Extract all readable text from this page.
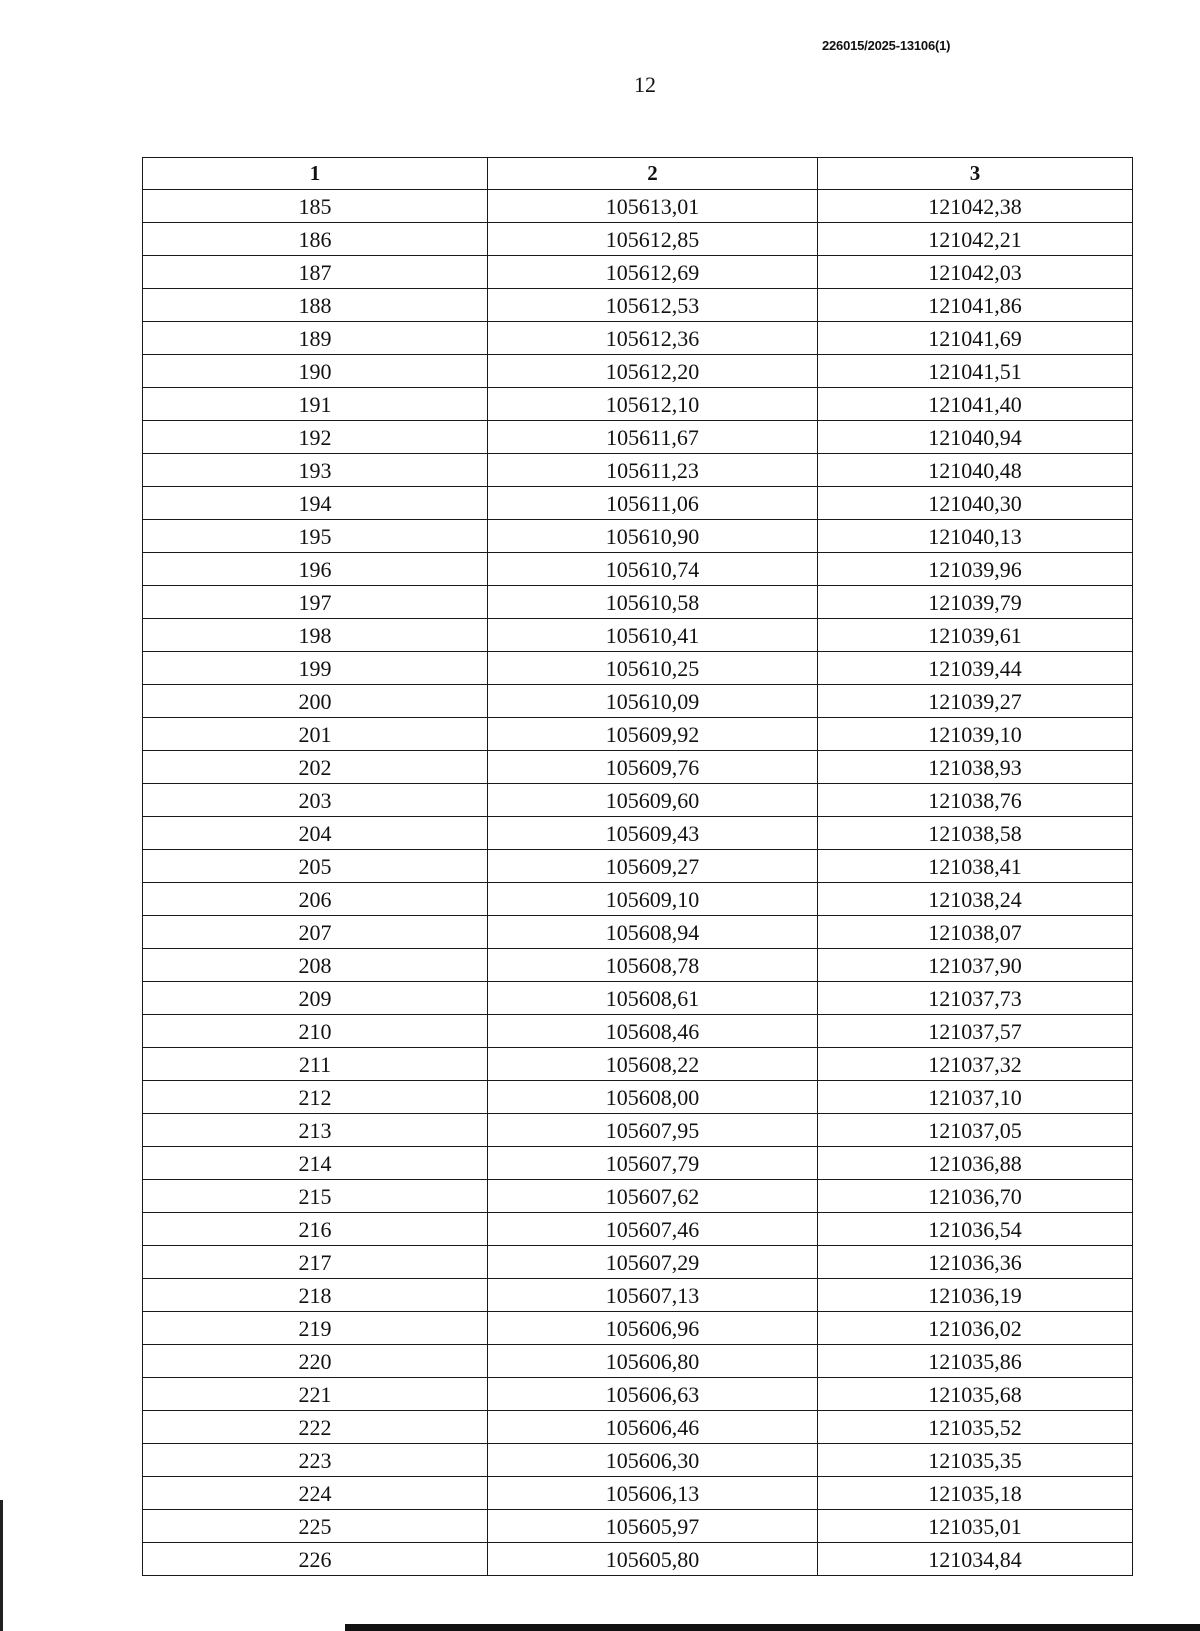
226015/2025-13106(1)
12
1	2	3
185	105613,01	121042,38
186	105612,85	121042,21
187	105612,69	121042,03
188	105612,53	121041,86
189	105612,36	121041,69
190	105612,20	121041,51
191	105612,10	121041,40
192	105611,67	121040,94
193	105611,23	121040,48
194	105611,06	121040,30
195	105610,90	121040,13
196	105610,74	121039,96
197	105610,58	121039,79
198	105610,41	121039,61
199	105610,25	121039,44
200	105610,09	121039,27
201	105609,92	121039,10
202	105609,76	121038,93
203	105609,60	121038,76
204	105609,43	121038,58
205	105609,27	121038,41
206	105609,10	121038,24
207	105608,94	121038,07
208	105608,78	121037,90
209	105608,61	121037,73
210	105608,46	121037,57
211	105608,22	121037,32
212	105608,00	121037,10
213	105607,95	121037,05
214	105607,79	121036,88
215	105607,62	121036,70
216	105607,46	121036,54
217	105607,29	121036,36
218	105607,13	121036,19
219	105606,96	121036,02
220	105606,80	121035,86
221	105606,63	121035,68
222	105606,46	121035,52
223	105606,30	121035,35
224	105606,13	121035,18
225	105605,97	121035,01
226	105605,80	121034,84
